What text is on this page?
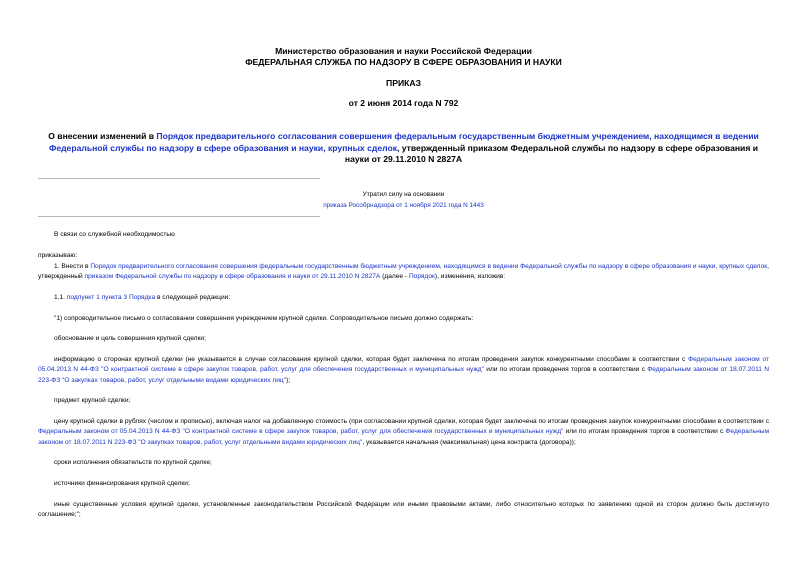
Министерство образования и науки Российской Федерации
ФЕДЕРАЛЬНАЯ СЛУЖБА ПО НАДЗОРУ В СФЕРЕ ОБРАЗОВАНИЯ И НАУКИ
ПРИКАЗ
от 2 июня 2014 года N 792
О внесении изменений в Порядок предварительного согласования совершения федеральным государственным бюджетным учреждением, находящимся в ведении Федеральной службы по надзору в сфере образования и науки, крупных сделок, утвержденный приказом Федеральной службы по надзору в сфере образования и науки от 29.11.2010 N 2827А
Утратил силу на основании
приказа Рособрнадзора от 1 ноября 2021 года N 1443
В связи со служебной необходимостью
приказываю:
1. Внести в Порядок предварительного согласования совершения федеральным государственным бюджетным учреждением, находящимся в ведении Федеральной службы по надзору в сфере образования и науки, крупных сделок, утвержденный приказом Федеральной службы по надзору в сфере образования и науки от 29.11.2010 N 2827А (далее - Порядок), изменения, изложив:
1.1. подпункт 1 пункта 3 Порядка в следующей редакции:
"1) сопроводительное письмо о согласовании совершения учреждением крупной сделки. Сопроводительное письмо должно содержать:
обоснование и цель совершения крупной сделки;
информацию о сторонах крупной сделки (не указывается в случае согласования крупной сделки, которая будет заключена по итогам проведения закупок конкурентными способами в соответствии с Федеральным законом от 05.04.2013 N 44-ФЗ "О контрактной системе в сфере закупок товаров, работ, услуг для обеспечения государственных и муниципальных нужд" или по итогам проведения торгов в соответствии с Федеральным законом от 18.07.2011 N 223-ФЗ "О закупках товаров, работ, услуг отдельными видами юридических лиц");
предмет крупной сделки;
цену крупной сделки в рублях (числом и прописью), включая налог на добавленную стоимость (при согласовании крупной сделки, которая будет заключена по итогам проведения закупок конкурентными способами в соответствии с Федеральным законом от 05.04.2013 N 44-ФЗ "О контрактной системе в сфере закупок товаров, работ, услуг для обеспечения государственных и муниципальных нужд" или по итогам проведения торгов в соответствии с Федеральным законом от 18.07.2011 N 223-ФЗ "О закупках товаров, работ, услуг отдельными видами юридических лиц", указывается начальная (максимальная) цена контракта (договора));
сроки исполнения обязательств по крупной сделке;
источники финансирования крупной сделки;
иные существенные условия крупной сделки, установленные законодательством Российской Федерации или иными правовыми актами, либо относительно которых по заявлению одной из сторон должно быть достигнуто соглашение;";
